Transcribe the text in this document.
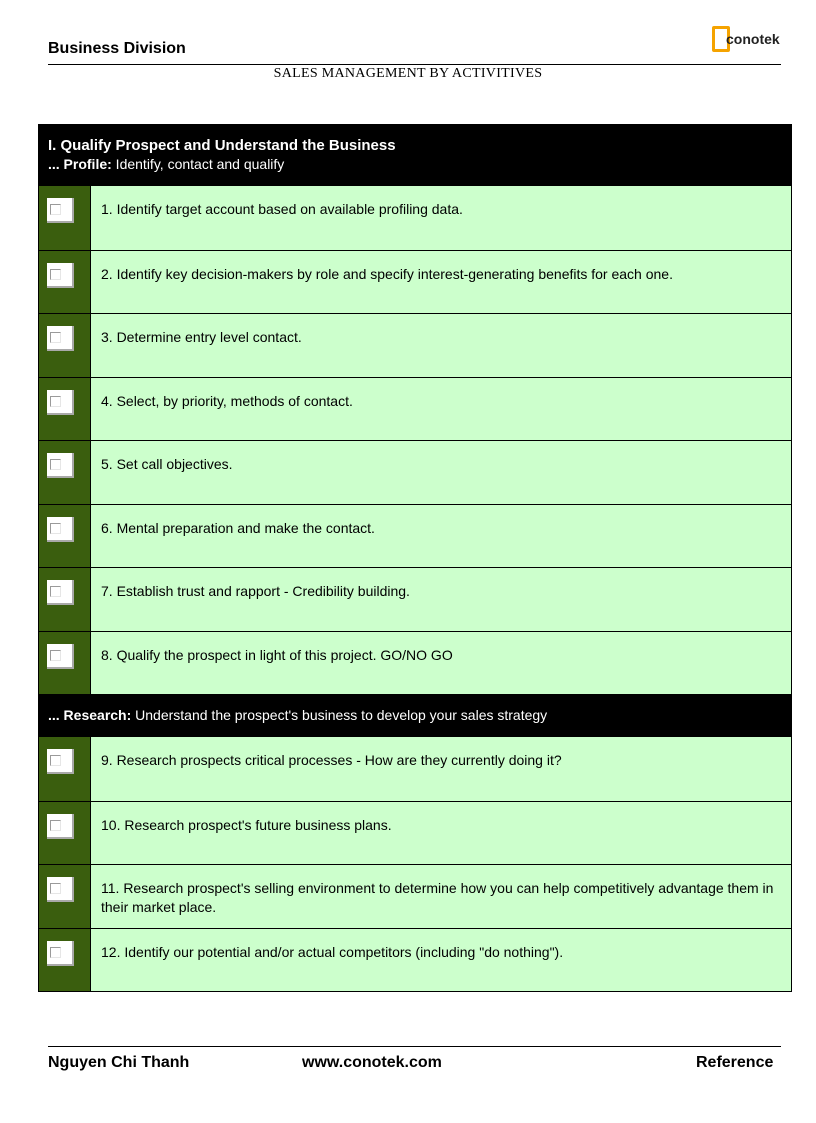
Business Division
conotek
SALES MANAGEMENT BY ACTIVITIVES
I. Qualify Prospect and Understand the Business
... Profile: Identify, contact and qualify
1. Identify target account based on available profiling data.
2. Identify key decision-makers by role and specify interest-generating benefits for each one.
3. Determine entry level contact.
4. Select, by priority, methods of contact.
5. Set call objectives.
6. Mental preparation and make the contact.
7. Establish trust and rapport - Credibility building.
8. Qualify the prospect in light of this project. GO/NO GO
... Research: Understand the prospect's business to develop your sales strategy
9. Research prospects critical processes - How are they currently doing it?
10. Research prospect's future business plans.
11. Research prospect's selling environment to determine how you can help competitively advantage them in their market place.
12. Identify our potential and/or actual competitors (including "do nothing").
Nguyen Chi Thanh	www.conotek.com	Reference
